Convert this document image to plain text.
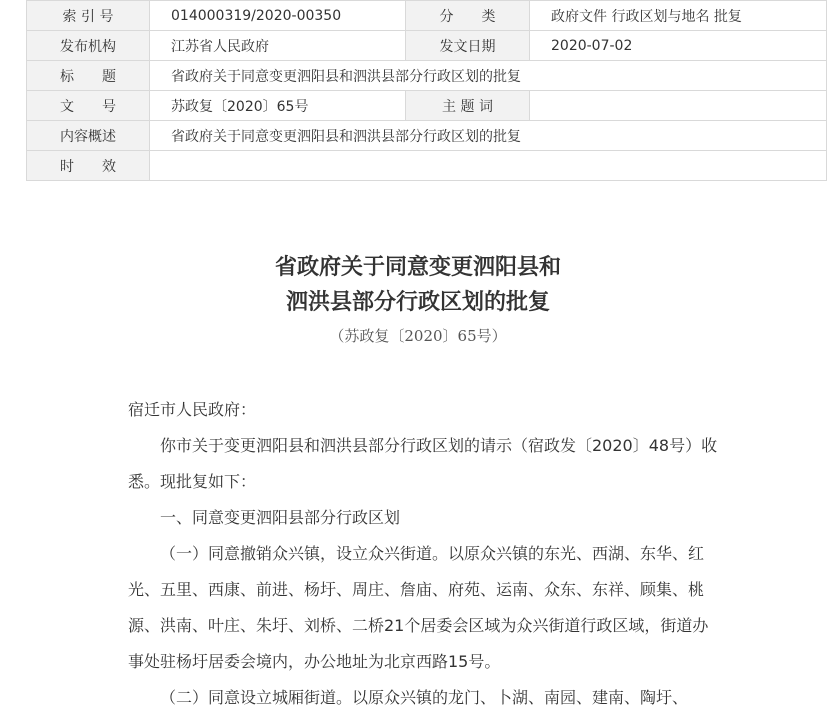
索 引 号	014000319/2020-00350	分　　类	政府文件 行政区划与地名 批复
发布机构	江苏省人民政府	发文日期	2020-07-02
标　　题	省政府关于同意变更泗阳县和泗洪县部分行政区划的批复		
文　　号	苏政复〔2020〕65号	主 题 词	
内容概述	省政府关于同意变更泗阳县和泗洪县部分行政区划的批复		
时　　效			
省政府关于同意变更泗阳县和
泗洪县部分行政区划的批复
（苏政复〔2020〕65号）
宿迁市人民政府：

你市关于变更泗阳县和泗洪县部分行政区划的请示（宿政发〔2020〕48号）收悉。现批复如下：

一、同意变更泗阳县部分行政区划

（一）同意撤销众兴镇，设立众兴街道。以原众兴镇的东光、西湖、东华、红光、五里、西康、前进、杨圩、周庄、詹庙、府苑、运南、众东、东祥、顾集、桃源、洪南、叶庄、朱圩、刘桥、二桥21个居委会区域为众兴街道行政区域，街道办事处驻杨圩居委会境内，办公地址为北京西路15号。

（二）同意设立城厢街道。以原众兴镇的龙门、卜湖、南园、建南、陶圩、
